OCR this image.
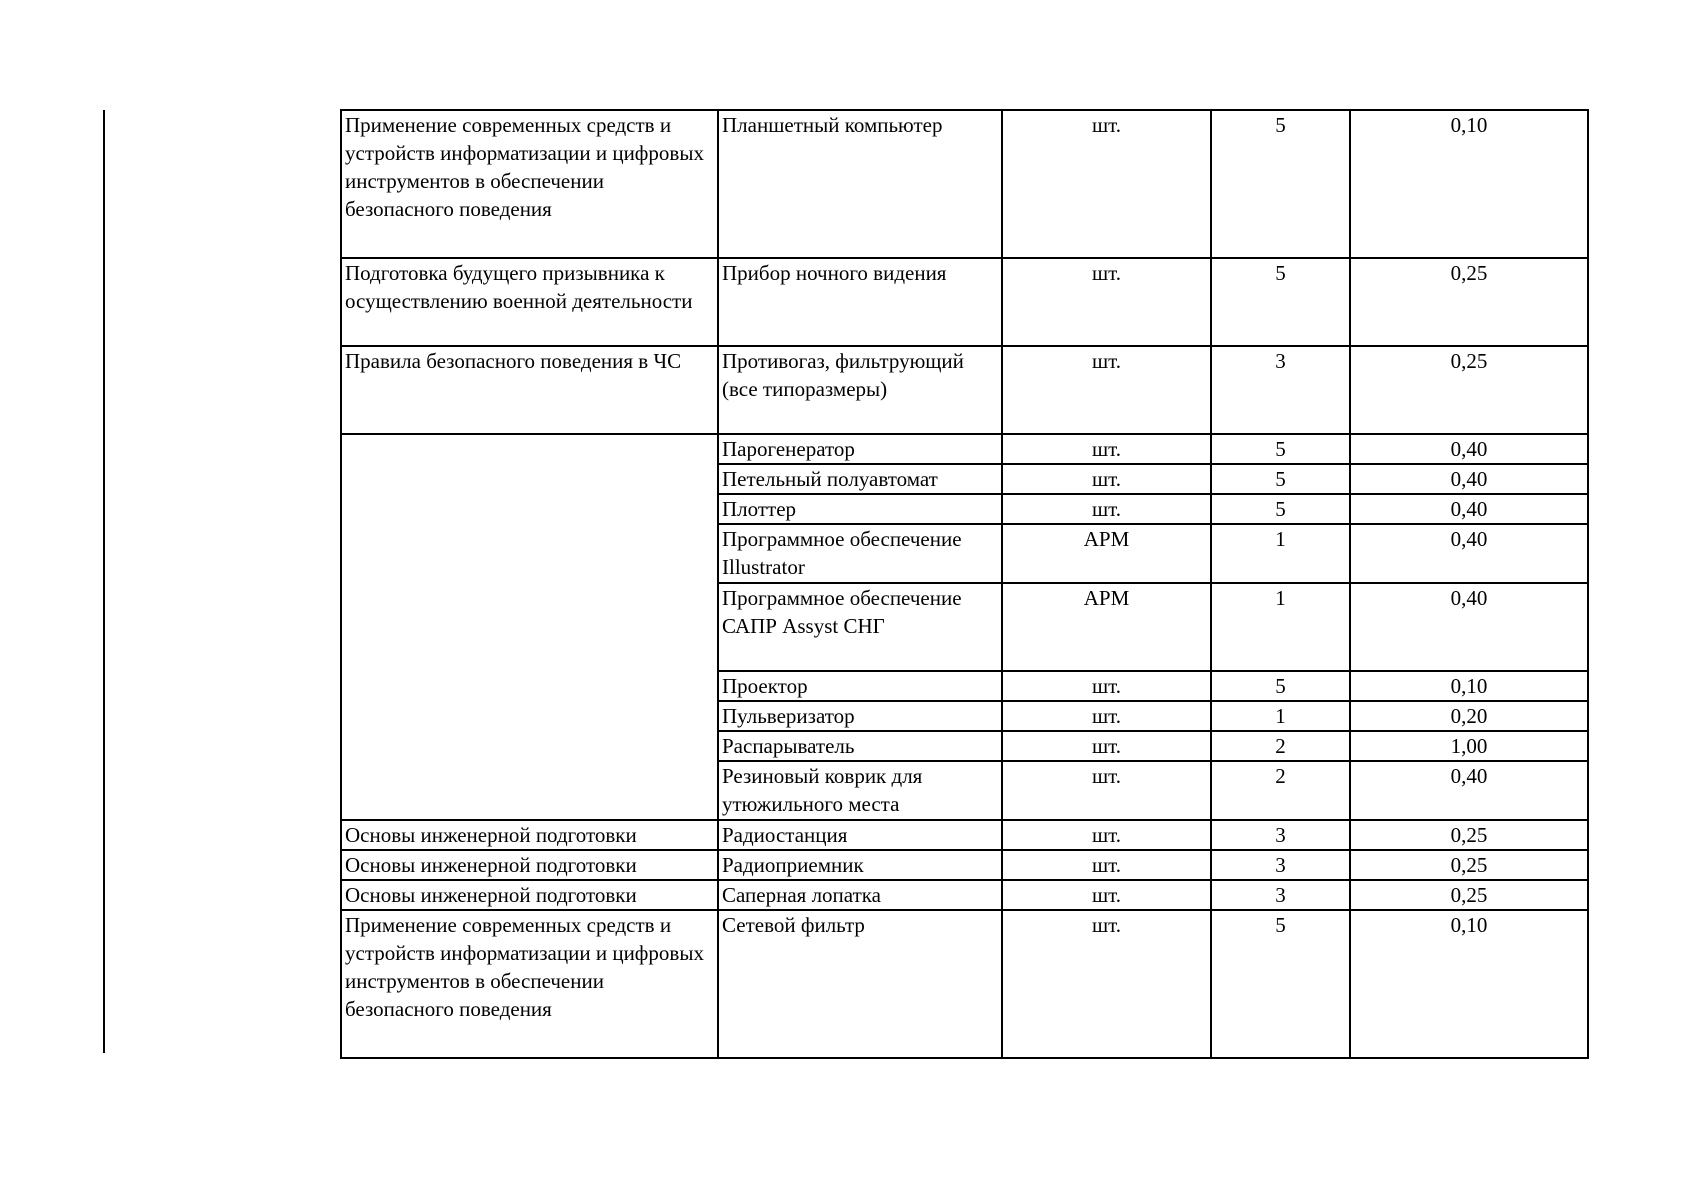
Применение современных средств и устройств информатизации и цифровых инструментов в обеспечении безопасного поведения	Планшетный компьютер	шт.	5	0,10
Подготовка будущего призывника к осуществлению военной деятельности	Прибор ночного видения	шт.	5	0,25
Правила безопасного поведения в ЧС	Противогаз, фильтрующий (все типоразмеры)	шт.	3	0,25
	Парогенератор	шт.	5	0,40
	Петельный полуавтомат	шт.	5	0,40
	Плоттер	шт.	5	0,40
	Программное обеспечение Illustrator	АРМ	1	0,40
	Программное обеспечение САПР Assyst СНГ	АРМ	1	0,40
	Проектор	шт.	5	0,10
	Пульверизатор	шт.	1	0,20
	Распарыватель	шт.	2	1,00
	Резиновый коврик для утюжильного места	шт.	2	0,40
Основы инженерной подготовки	Радиостанция	шт.	3	0,25
Основы инженерной подготовки	Радиоприемник	шт.	3	0,25
Основы инженерной подготовки	Саперная лопатка	шт.	3	0,25
Применение современных средств и устройств информатизации и цифровых инструментов в обеспечении безопасного поведения	Сетевой фильтр	шт.	5	0,10
